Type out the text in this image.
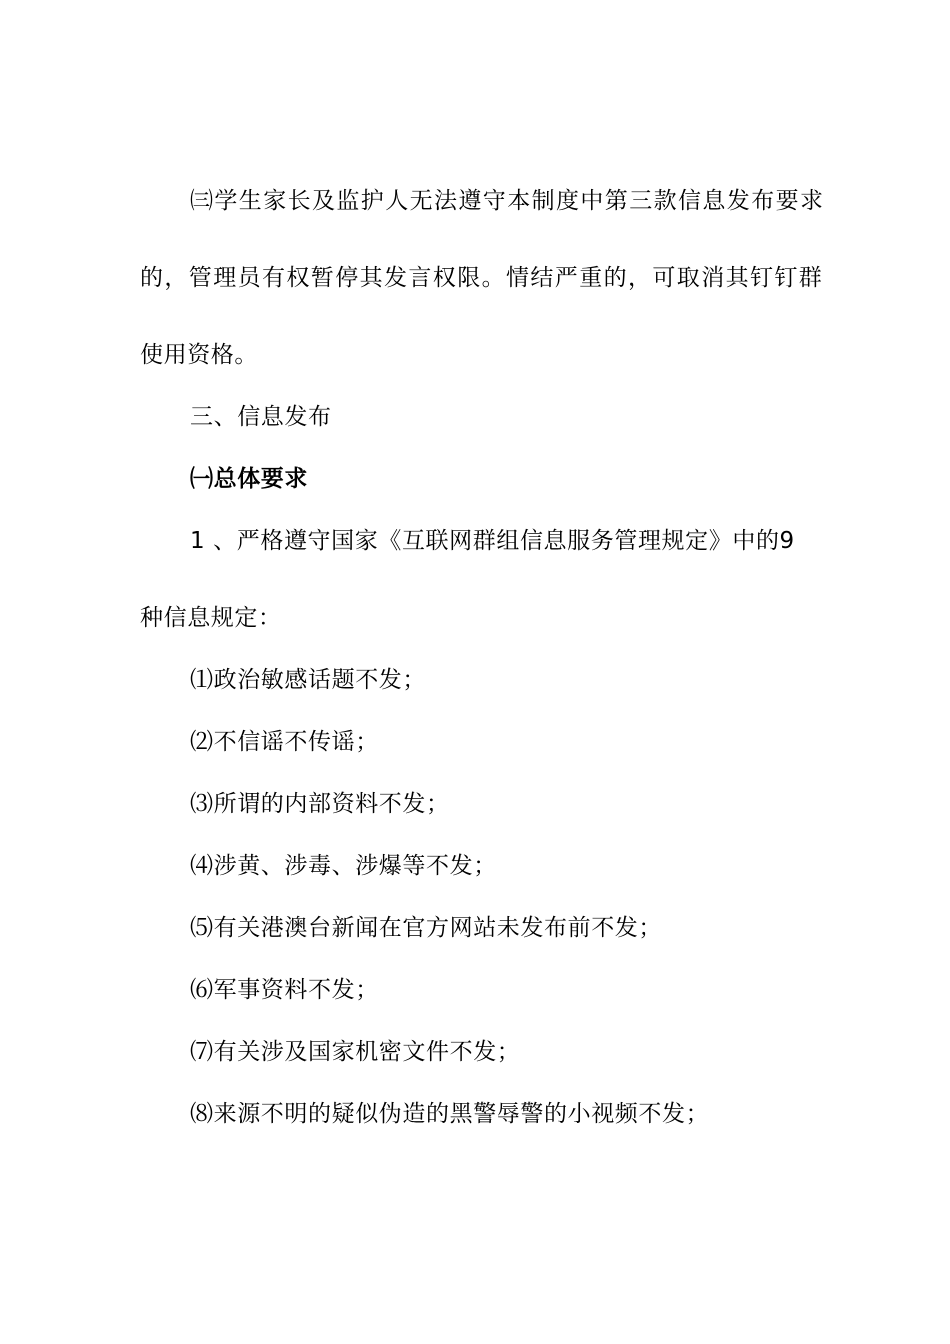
㈢学生家长及监护人无法遵守本制度中第三款信息发布要求
的，管理员有权暂停其发言权限。情结严重的，可取消其钉钉群
使用资格。
三、信息发布
㈠总体要求
1 、严格遵守国家《互联网群组信息服务管理规定》中的9
种信息规定：
⑴政治敏感话题不发；
⑵不信谣不传谣；
⑶所谓的内部资料不发；
⑷涉黄、涉毒、涉爆等不发；
⑸有关港澳台新闻在官方网站未发布前不发；
⑹军事资料不发；
⑺有关涉及国家机密文件不发；
⑻来源不明的疑似伪造的黑警辱警的小视频不发；
